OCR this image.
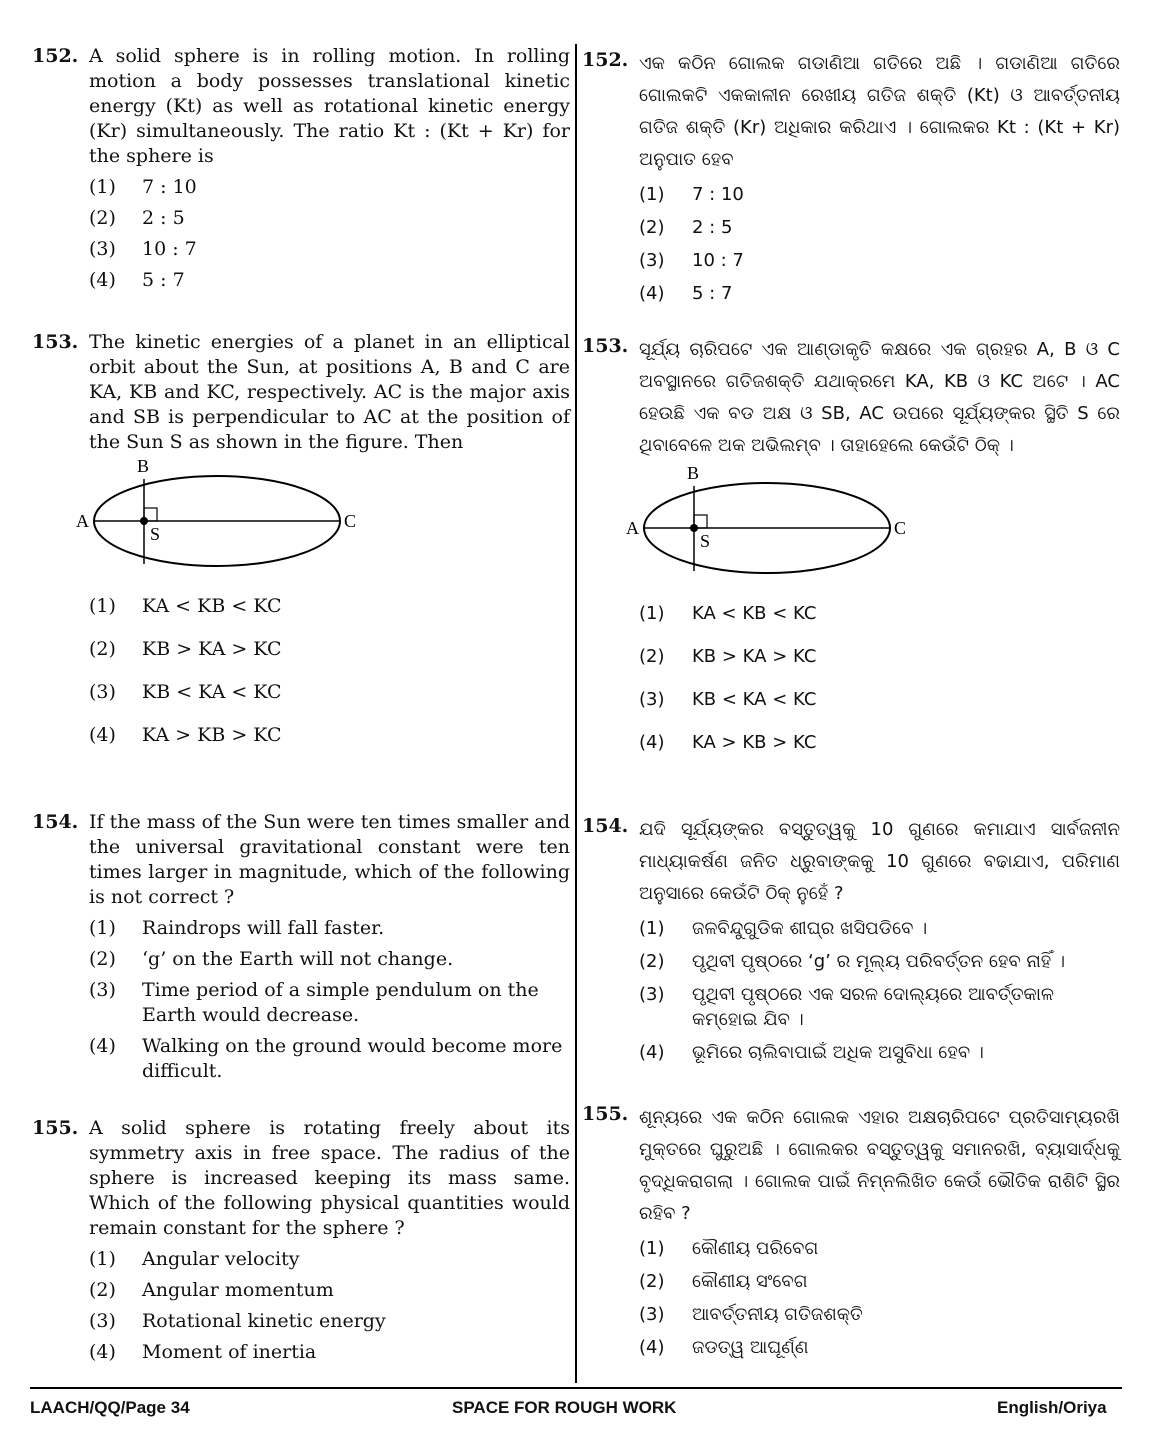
152. A solid sphere is in rolling motion. In rolling motion a body possesses translational kinetic energy (Kt) as well as rotational kinetic energy (Kr) simultaneously. The ratio Kt : (Kt + Kr) for the sphere is
(1)	7 : 10
(2)	2 : 5
(3)	10 : 7
(4)	5 : 7
153. The kinetic energies of a planet in an elliptical orbit about the Sun, at positions A, B and C are KA, KB and KC, respectively. AC is the major axis and SB is perpendicular to AC at the position of the Sun S as shown in the figure. Then
A
B
C
S
(1)	KA < KB < KC
(2)	KB > KA > KC
(3)	KB < KA < KC
(4)	KA > KB > KC
154. If the mass of the Sun were ten times smaller and the universal gravitational constant were ten times larger in magnitude, which of the following is not correct ?
(1)	Raindrops will fall faster.
(2)	‘g’ on the Earth will not change.
(3)	Time period of a simple pendulum on the Earth would decrease.
(4)	Walking on the ground would become more difficult.
155. A solid sphere is rotating freely about its symmetry axis in free space. The radius of the sphere is increased keeping its mass same. Which of the following physical quantities would remain constant for the sphere ?
(1)	Angular velocity
(2)	Angular momentum
(3)	Rotational kinetic energy
(4)	Moment of inertia
152. ଏକ କଠିନ ଗୋଲକ ଗଡାଣିଆ ଗତିରେ ଅଛି । ଗଡାଣିଆ ଗତିରେ ଗୋଲକଟି ଏକକାଳୀନ ରେଖୀୟ ଗତିଜ ଶକ୍ତି (Kt) ଓ ଆବର୍ତ୍ତନୀୟ ଗତିଜ ଶକ୍ତି (Kr) ଅଧିକାର କରିଥାଏ । ଗୋଲକର Kt : (Kt + Kr) ଅନୁପାତ ହେବ
(1)	7 : 10
(2)	2 : 5
(3)	10 : 7
(4)	5 : 7
153. ସୂର୍ଯ୍ୟ ଚାରିପଟେ ଏକ ଆଣ୍ଡାକୃତି କକ୍ଷରେ ଏକ ଗ୍ରହର A, B ଓ C ଅବସ୍ଥାନରେ ଗତିଜଶକ୍ତି ଯଥାକ୍ରମେ KA, KB ଓ KC ଅଟେ । AC ହେଉଛି ଏକ ବଡ ଅକ୍ଷ ଓ SB, AC ଉପରେ ସୂର୍ଯ୍ୟଙ୍କର ସ୍ଥିତି S ରେ ଥିବାବେଳେ ଅକ ଅଭିଲମ୍ବ । ତାହାହେଲେ କେଉଁଟି ଠିକ୍ ।
A
B
C
S
(1)	KA < KB < KC
(2)	KB > KA > KC
(3)	KB < KA < KC
(4)	KA > KB > KC
154. ଯଦି ସୂର୍ଯ୍ୟଙ୍କର ବସ୍ତୁତ୍ୱକୁ 10 ଗୁଣରେ କମାଯାଏ ସାର୍ବଜନୀନ ମାଧ୍ୟାକର୍ଷଣ ଜନିତ ଧ୍ରୁବାଙ୍କକୁ 10 ଗୁଣରେ ବଢାଯାଏ, ପରିମାଣ ଅନୁସାରେ କେଉଁଟି ଠିକ୍ ନୁହେଁ ?
(1)	ଜଳବିନ୍ଦୁଗୁଡିକ ଶୀଘ୍ର ଖସିପଡିବେ ।
(2)	ପୃଥିବୀ ପୃଷ୍ଠରେ ‘g’ ର ମୂଲ୍ୟ ପରିବର୍ତ୍ତନ ହେବ ନାହିଁ ।
(3)	ପୃଥିବୀ ପୃଷ୍ଠରେ ଏକ ସରଳ ଦୋଲ୍ୟରେ ଆବର୍ତ୍ତକାଳ କମ୍‌ହୋଇ ଯିବ ।
(4)	ଭୂମିରେ ଚାଲିବାପାଇଁ ଅଧିକ ଅସୁବିଧା ହେବ ।
155. ଶୂନ୍ୟରେ ଏକ କଠିନ ଗୋଲକ ଏହାର ଅକ୍ଷଚାରିପଟେ ପ୍ରତିସାମ୍ୟରଖି ମୁକ୍ତରେ ଘୁରୁଅଛି । ଗୋଲକର ବସ୍ତୁତ୍ୱକୁ ସମାନରଖି, ବ୍ୟାସାର୍ଦ୍ଧକୁ ବୃଦ୍ଧିକରାଗଲା । ଗୋଲକ ପାଇଁ ନିମ୍ନଲିଖିତ କେଉଁ ଭୌତିକ ରାଶିଟି ସ୍ଥିର ରହିବ ?
(1)	କୌଣୀୟ ପରିବେଗ
(2)	କୌଣୀୟ ସଂବେଗ
(3)	ଆବର୍ତ୍ତନୀୟ ଗତିଜଶକ୍ତି
(4)	ଜଡତ୍ୱ ଆଘୂର୍ଣ୍ଣ
LAACH/QQ/Page 34	SPACE FOR ROUGH WORK	English/Oriya
